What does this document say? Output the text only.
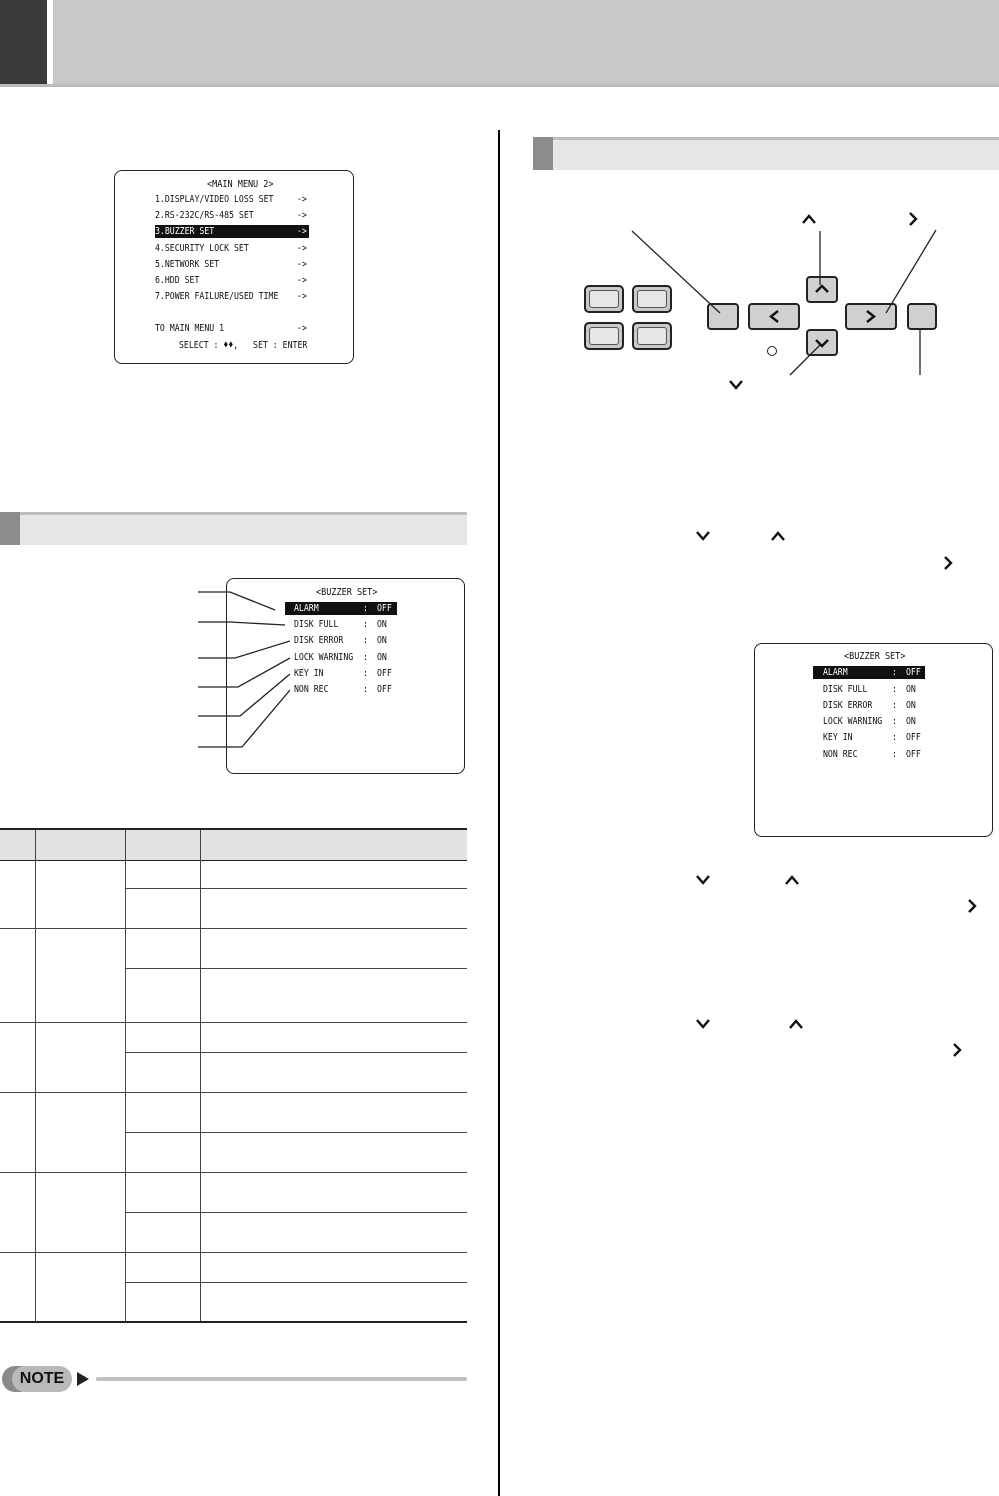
<MAIN MENU 2>
1.DISPLAY/VIDEO LOSS SET ->
2.RS-232C/RS-485 SET	->
3.BUZZER SET	->
4.SECURITY LOCK SET	->
5.NETWORK SET	->
6.HDD SET	->
7.POWER FAILURE/USED TIME ->
TO MAIN MENU 1	->
SELECT : ♦♦,   SET : ENTER
<BUZZER SET>
ALARM	: OFF
DISK FULL : ON
DISK ERROR : ON
LOCK WARNING : ON
KEY IN	: OFF
NON REC	: OFF
NOTE
<BUZZER SET>
ALARM	: OFF
DISK FULL : ON
DISK ERROR : ON
LOCK WARNING : ON
KEY IN	: OFF
NON REC	: OFF
